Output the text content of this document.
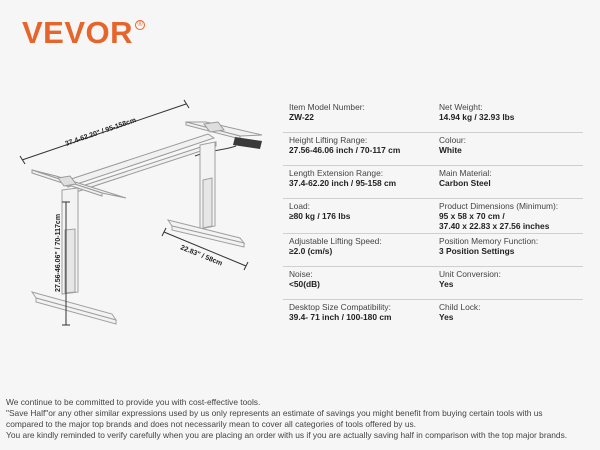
VEVOR ®
37.4-62.20" / 95-158cm
27.56-46.06" / 70-117cm	22.83" / 58cm
Item Model Number:
ZW-22
Net Weight:
14.94 kg / 32.93 lbs
Height Lifting Range:
27.56-46.06 inch / 70-117 cm
Colour:
White
Length Extension Range:
37.4-62.20 inch / 95-158 cm
Main Material:
Carbon Steel
Load:
≥80 kg / 176 lbs
Product Dimensions (Minimum):
95 x 58 x 70 cm /
37.40 x 22.83 x 27.56 inches
Adjustable Lifting Speed:
≥2.0 (cm/s)
Position Memory Function:
3 Position Settings
Noise:
<50(dB)
Unit Conversion:
Yes
Desktop Size Compatibility:
39.4- 71 inch / 100-180 cm
Child Lock:
Yes
We continue to be committed to provide you with cost-effective tools.
"Save Half"or any other similar expressions used by us only represents an estimate of savings you might benefit from buying certain tools with us
compared to the major top brands and does not necessarily mean to cover all categories of tools offered by us.
You are kindly reminded to verify carefully when you are placing an order with us if you are actually saving half in comparison with the top major brands.
